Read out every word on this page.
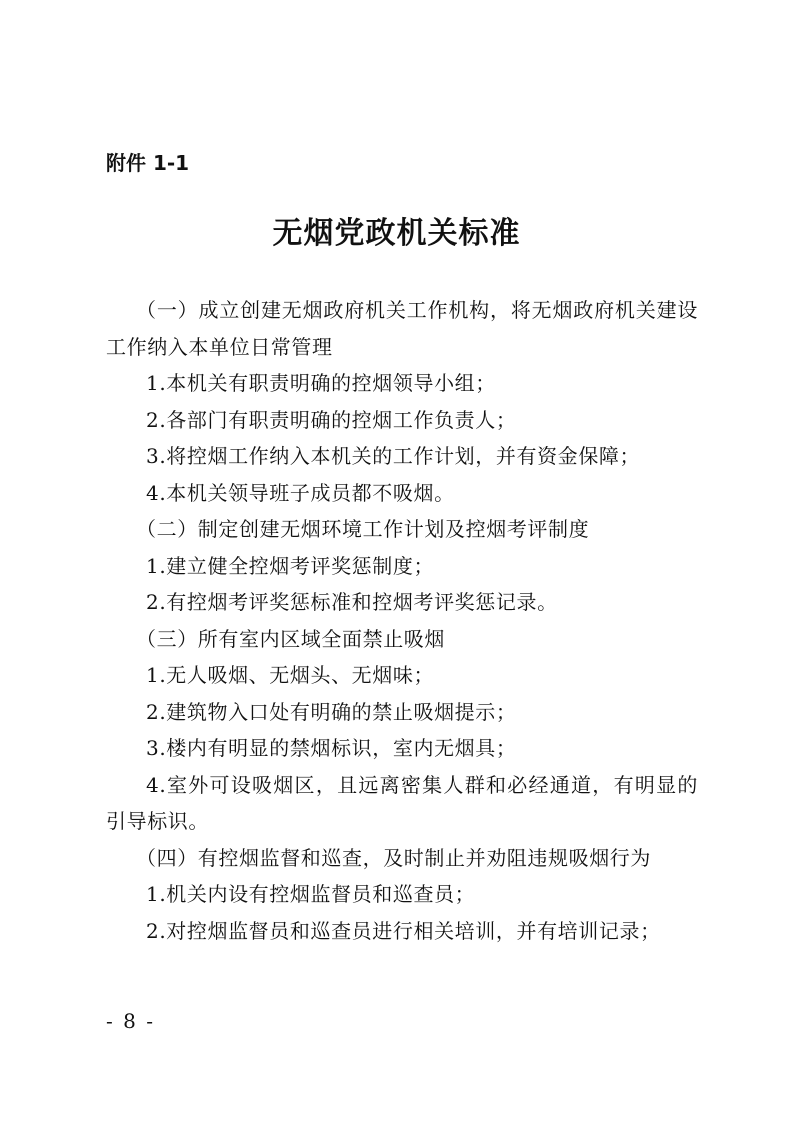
附件 1-1
无烟党政机关标准

（一）成立创建无烟政府机关工作机构，将无烟政府机关建设工作纳入本单位日常管理

1.本机关有职责明确的控烟领导小组；

2.各部门有职责明确的控烟工作负责人；

3.将控烟工作纳入本机关的工作计划，并有资金保障；

4.本机关领导班子成员都不吸烟。

（二）制定创建无烟环境工作计划及控烟考评制度

1.建立健全控烟考评奖惩制度；

2.有控烟考评奖惩标准和控烟考评奖惩记录。

（三）所有室内区域全面禁止吸烟

1.无人吸烟、无烟头、无烟味；

2.建筑物入口处有明确的禁止吸烟提示；

3.楼内有明显的禁烟标识，室内无烟具；

4.室外可设吸烟区，且远离密集人群和必经通道，有明显的引导标识。

（四）有控烟监督和巡查，及时制止并劝阻违规吸烟行为

1.机关内设有控烟监督员和巡查员；

2.对控烟监督员和巡查员进行相关培训，并有培训记录；

- 8 -
